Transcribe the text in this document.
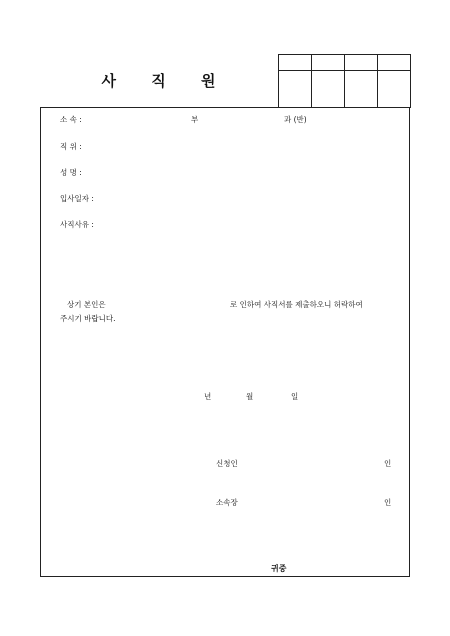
사 직 원

소 속 :	부	과 (반)
직 위 :
성 명 :
입사일자 :
사직사유 :
상기 본인은	로 인하여 사직서를 제출하오니 허락하여
주시기 바랍니다.
년	월	일
신청인	인
소속장	인
귀중
